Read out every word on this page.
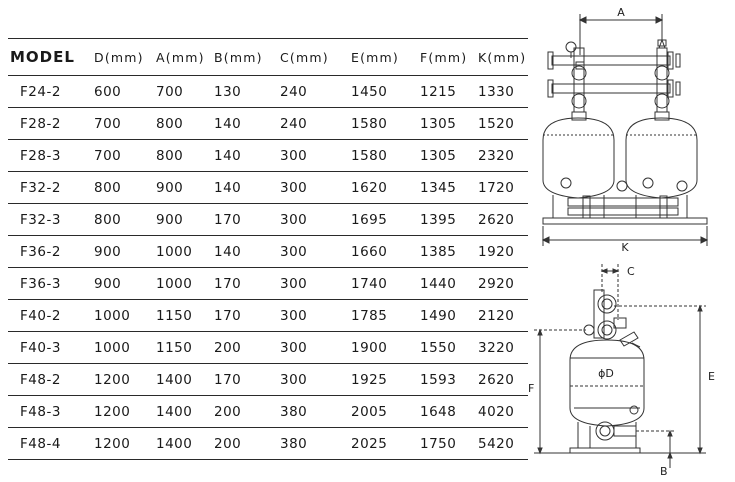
MODEL D(mm) A(mm) B(mm) C(mm) E(mm) F(mm) K(mm)
F24-2 600	700 130	240	1450 1215 1330
F28-2 700	800 140	240	1580 1305 1520
F28-3 700	800 140	300	1580 1305 2320
F32-2 800	900 140	300	1620 1345 1720
F32-3 800	900 170	300	1695 1395 2620
F36-2 900	1000 140	300	1660 1385 1920
F36-3 900	1000 170	300	1740 1440 2920
F40-2 1000 1150 170	300	1785 1490 2120
F40-3 1000 1150 200	300	1900 1550 3220
F48-2 1200 1400 170	300	1925 1593 2620
F48-3 1200 1400 200	380	2005 1648 4020
F48-4 1200 1400 200	380	2025 1750 5420
A
K
C
ϕD	E
F
B
